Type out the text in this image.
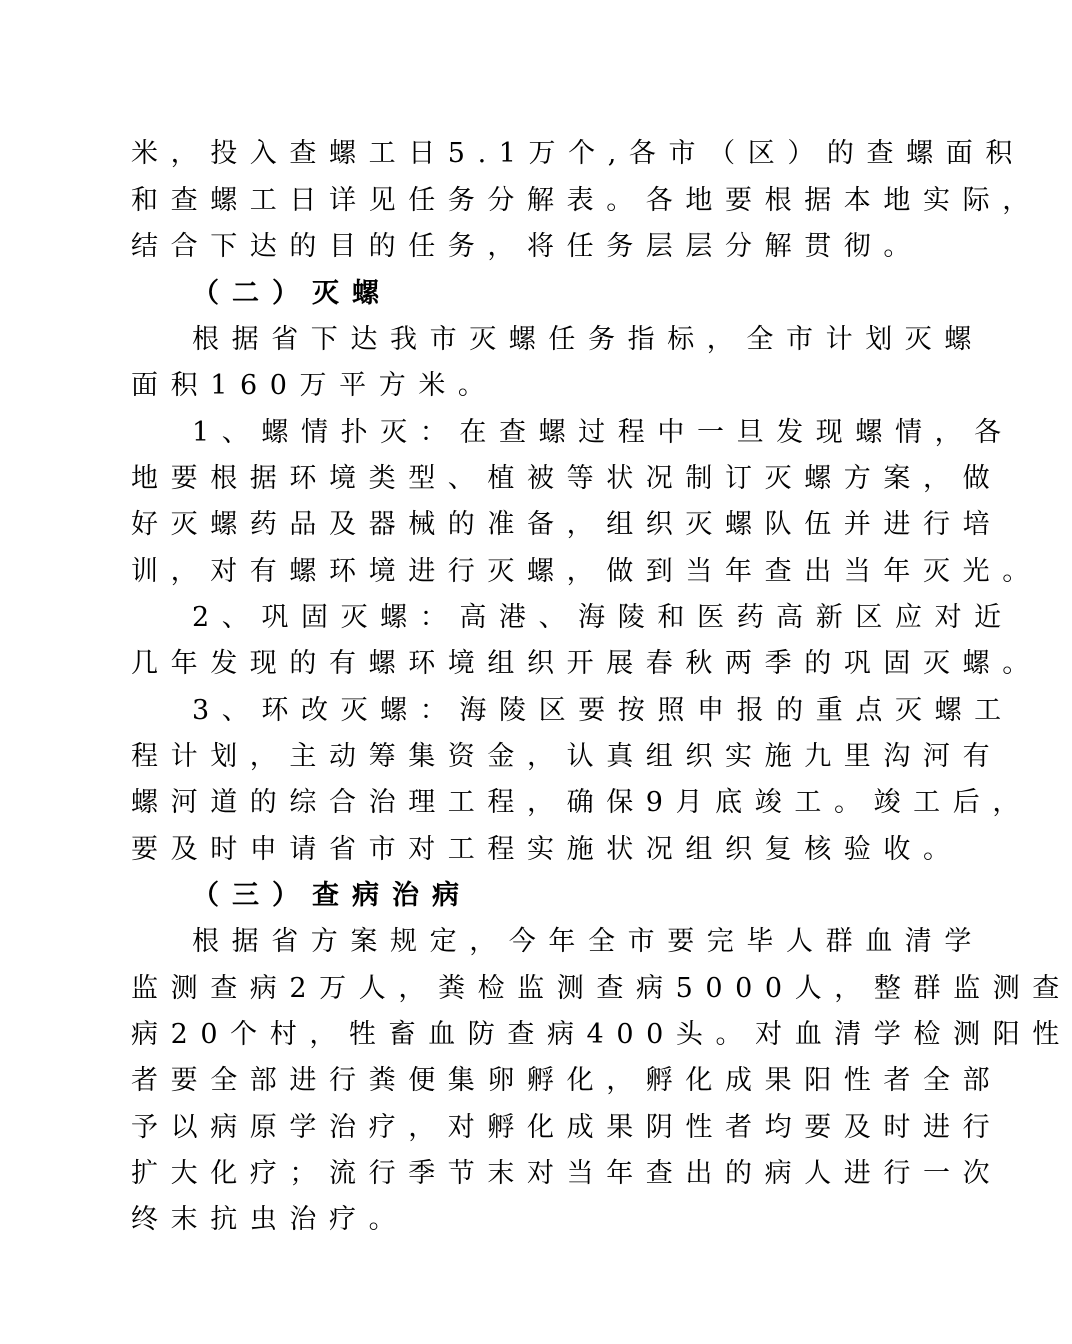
米，投入查螺工日5.1万个,各市（区）的查螺面积
和查螺工日详见任务分解表。各地要根据本地实际，
结合下达的目的任务，将任务层层分解贯彻。
（二）灭螺
根据省下达我市灭螺任务指标，全市计划灭螺
面积160万平方米。
1、螺情扑灭：在查螺过程中一旦发现螺情，各
地要根据环境类型、植被等状况制订灭螺方案，做
好灭螺药品及器械的准备，组织灭螺队伍并进行培
训，对有螺环境进行灭螺，做到当年查出当年灭光。
2、巩固灭螺：高港、海陵和医药高新区应对近
几年发现的有螺环境组织开展春秋两季的巩固灭螺。
3、环改灭螺：海陵区要按照申报的重点灭螺工
程计划，主动筹集资金，认真组织实施九里沟河有
螺河道的综合治理工程，确保9月底竣工。竣工后，
要及时申请省市对工程实施状况组织复核验收。
（三）查病治病
根据省方案规定，今年全市要完毕人群血清学
监测查病2万人，粪检监测查病5000人，整群监测查
病20个村，牲畜血防查病400头。对血清学检测阳性
者要全部进行粪便集卵孵化，孵化成果阳性者全部
予以病原学治疗，对孵化成果阴性者均要及时进行
扩大化疗；流行季节末对当年查出的病人进行一次
终末抗虫治疗。
